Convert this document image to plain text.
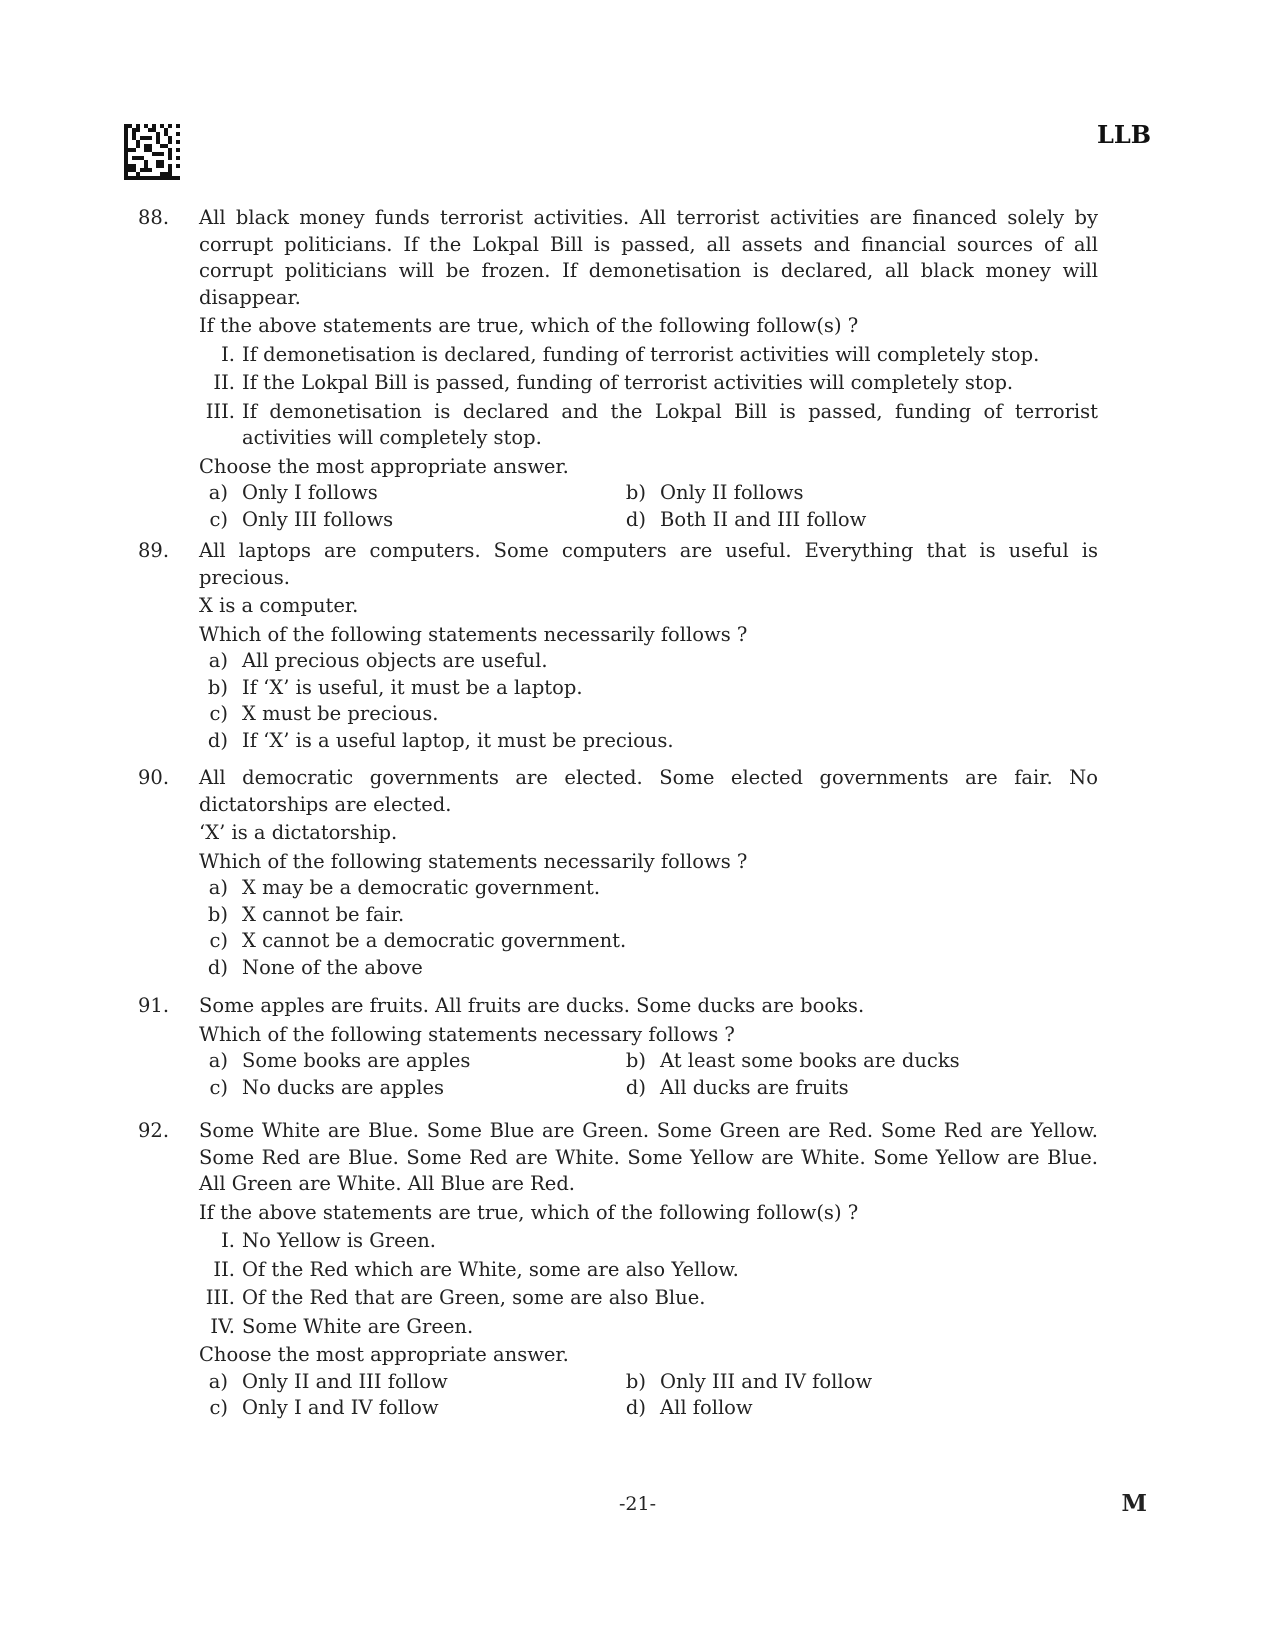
LLB
88.	All black money funds terrorist activities. All terrorist activities are financed solely by corrupt politicians. If the Lokpal Bill is passed, all assets and financial sources of all corrupt politicians will be frozen. If demonetisation is declared, all black money will disappear.
If the above statements are true, which of the following follow(s) ?
I. If demonetisation is declared, funding of terrorist activities will completely stop.
II. If the Lokpal Bill is passed, funding of terrorist activities will completely stop.
III. If demonetisation is declared and the Lokpal Bill is passed, funding of terrorist activities will completely stop.
Choose the most appropriate answer.
a) Only I follows	b) Only II follows
c) Only III follows	d) Both II and III follow
89.	All laptops are computers. Some computers are useful. Everything that is useful is precious.
X is a computer.
Which of the following statements necessarily follows ?
a) All precious objects are useful.
b) If ‘X’ is useful, it must be a laptop.
c) X must be precious.
d) If ‘X’ is a useful laptop, it must be precious.
90.	All democratic governments are elected. Some elected governments are fair. No dictatorships are elected.
‘X’ is a dictatorship.
Which of the following statements necessarily follows ?
a) X may be a democratic government.
b) X cannot be fair.
c) X cannot be a democratic government.
d) None of the above
91.	Some apples are fruits. All fruits are ducks. Some ducks are books.
Which of the following statements necessary follows ?
a) Some books are apples	b) At least some books are ducks
c) No ducks are apples	d) All ducks are fruits
92.	Some White are Blue. Some Blue are Green. Some Green are Red. Some Red are Yellow. Some Red are Blue. Some Red are White. Some Yellow are White. Some Yellow are Blue. All Green are White. All Blue are Red.
If the above statements are true, which of the following follow(s) ?
I. No Yellow is Green.
II. Of the Red which are White, some are also Yellow.
III. Of the Red that are Green, some are also Blue.
IV. Some White are Green.
Choose the most appropriate answer.
a) Only II and III follow	b) Only III and IV follow
c) Only I and IV follow	d) All follow
-21-	M
